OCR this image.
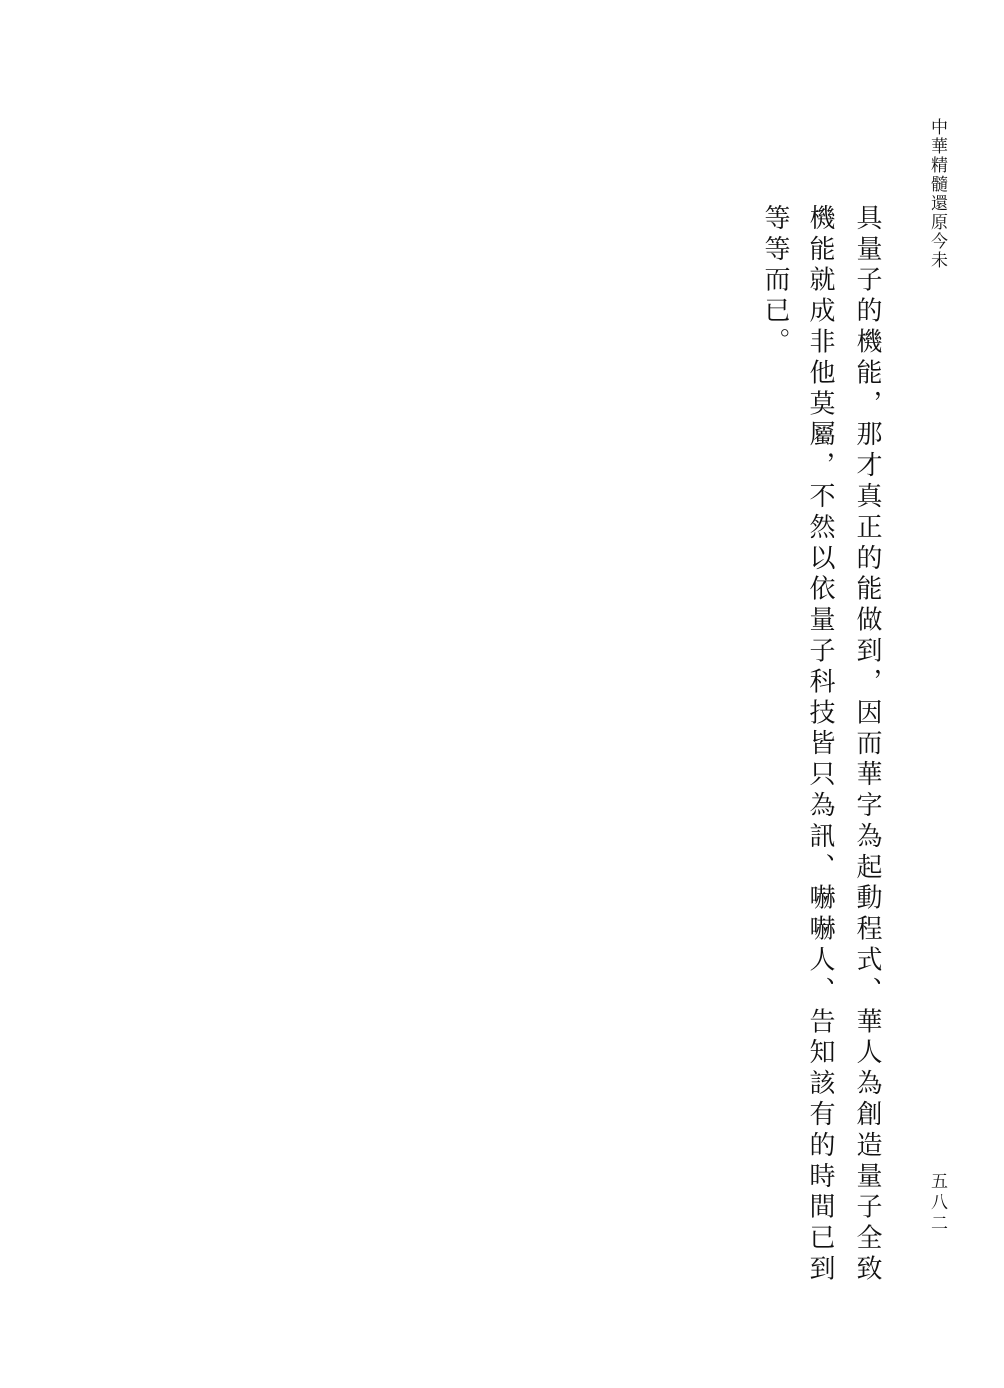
中華精髓還原今未
具量子的機能，那才真正的能做到，因而華字為起動程式、華人為創造量子全致
機能就成非他莫屬，不然以依量子科技皆只為訊、嚇嚇人、告知該有的時間已到
等等而已。
五八二
